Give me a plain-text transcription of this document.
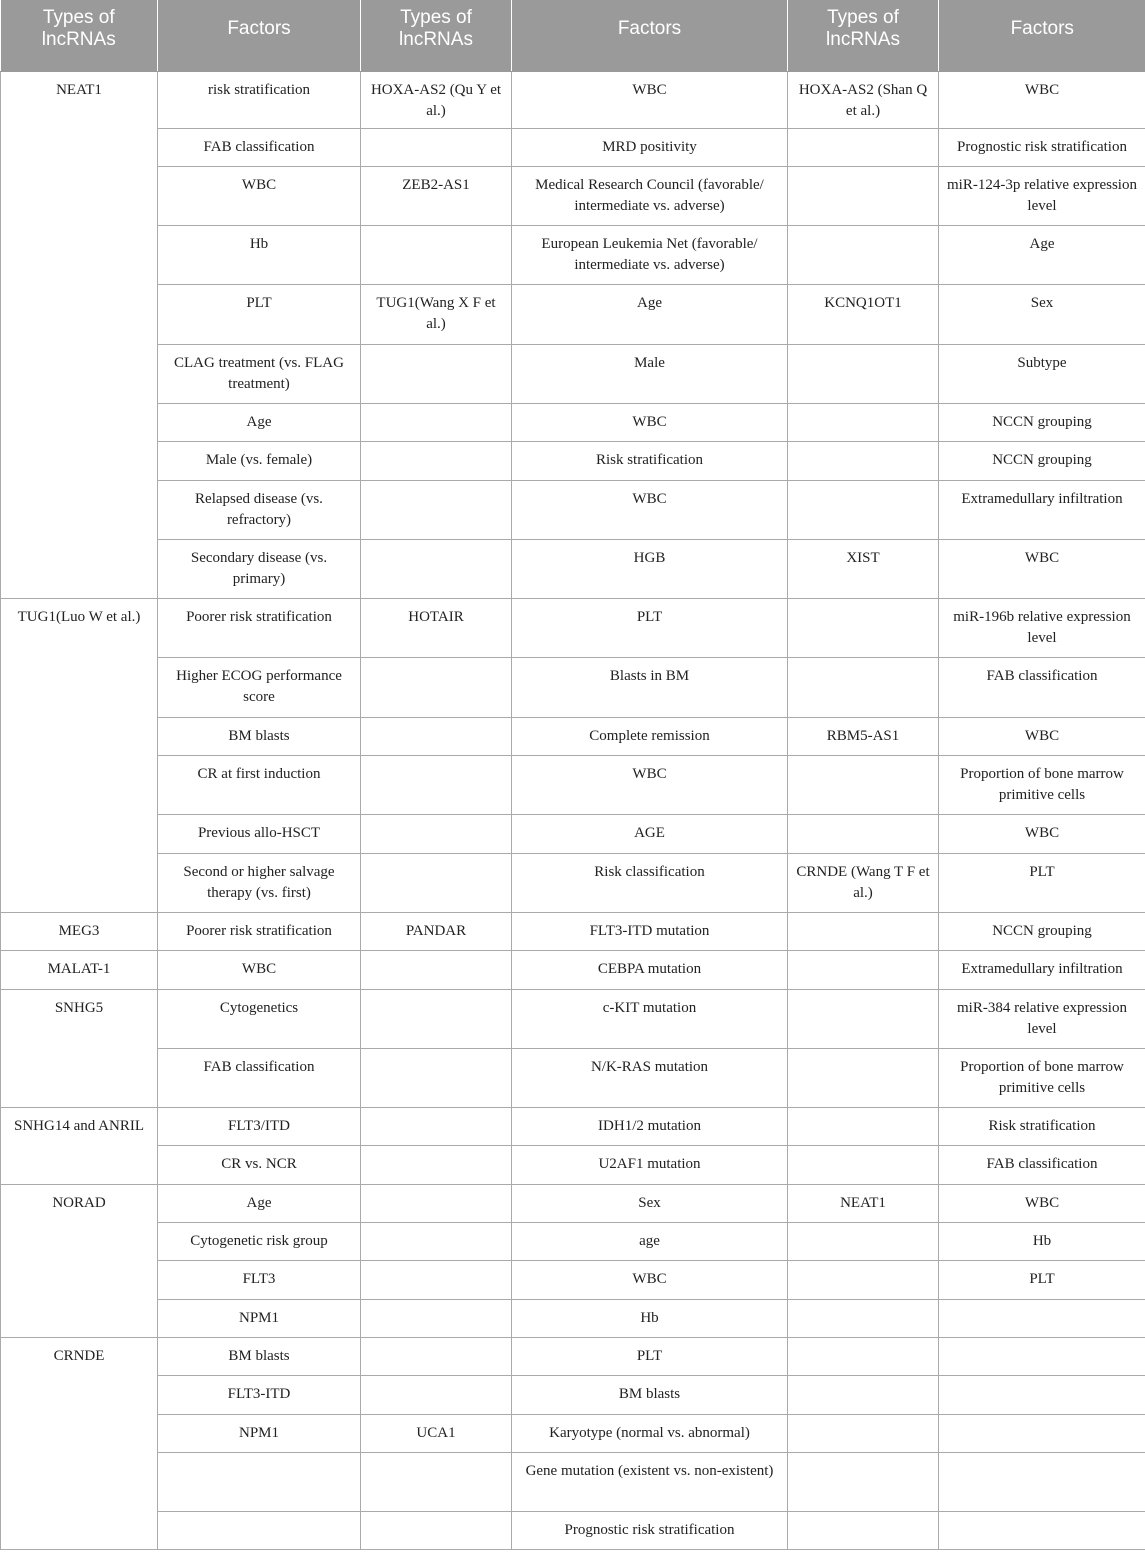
Types of lncRNAs	Factors	Types of lncRNAs	Factors	Types of lncRNAs	Factors
NEAT1	risk stratification	HOXA-AS2 (Qu Y et al.)	WBC	HOXA-AS2 (Shan Q et al.)	WBC
	FAB classification		MRD positivity		Prognostic risk stratification
	WBC	ZEB2-AS1	Medical Research Council (favorable/ intermediate vs. adverse)		miR-124-3p relative expression level
	Hb		European Leukemia Net (favorable/ intermediate vs. adverse)		Age
	PLT	TUG1(Wang X F et al.)	Age	KCNQ1OT1	Sex
	CLAG treatment (vs. FLAG treatment)		Male		Subtype
	Age		WBC		NCCN grouping
	Male (vs. female)		Risk stratification		NCCN grouping
	Relapsed disease (vs. refractory)		WBC		Extramedullary infiltration
	Secondary disease (vs. primary)		HGB	XIST	WBC
TUG1(Luo W et al.)	Poorer risk stratification	HOTAIR	PLT		miR-196b relative expression level
	Higher ECOG performance score		Blasts in BM		FAB classification
	BM blasts		Complete remission	RBM5-AS1	WBC
	CR at first induction		WBC		Proportion of bone marrow primitive cells
	Previous allo-HSCT		AGE		WBC
	Second or higher salvage therapy (vs. first)		Risk classification	CRNDE (Wang T F et al.)	PLT
MEG3	Poorer risk stratification	PANDAR	FLT3-ITD mutation		NCCN grouping
MALAT-1	WBC		CEBPA mutation		Extramedullary infiltration
SNHG5	Cytogenetics		c-KIT mutation		miR-384 relative expression level
	FAB classification		N/K-RAS mutation		Proportion of bone marrow primitive cells
SNHG14 and ANRIL	FLT3/ITD		IDH1/2 mutation		Risk stratification
	CR vs. NCR		U2AF1 mutation		FAB classification
NORAD	Age		Sex	NEAT1	WBC
	Cytogenetic risk group		age		Hb
	FLT3		WBC		PLT
	NPM1		Hb		
CRNDE	BM blasts		PLT		
	FLT3-ITD		BM blasts		
	NPM1	UCA1	Karyotype (normal vs. abnormal)		
			Gene mutation (existent vs. non-existent)		
			Prognostic risk stratification		
